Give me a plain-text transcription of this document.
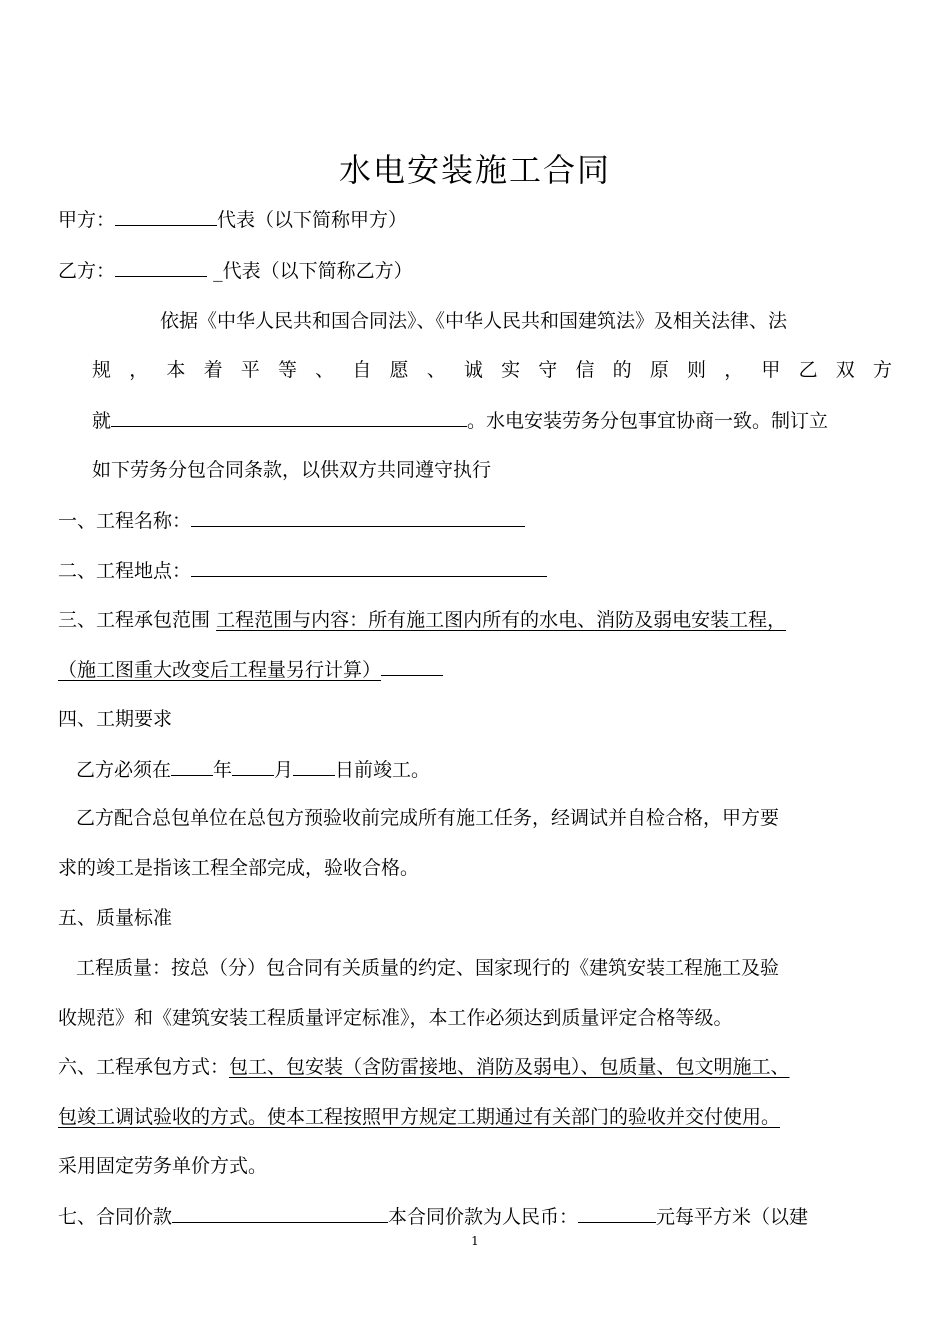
水电安装施工合同
甲方：	代表（以下简称甲方）
乙方：	_代表（以下简称乙方）
依据《中华人民共和国合同法》、《中华人民共和国建筑法》及相关法律、法
规 ， 本 着 平 等 、 自 愿 、 诚 实 守 信 的 原 则 ， 甲 乙 双 方
就	。水电安装劳务分包事宜协商一致。制订立
如下劳务分包合同条款，以供双方共同遵守执行
一、工程名称：
二、工程地点：
三、工程承包范围 工程范围与内容：所有施工图内所有的水电、消防及弱电安装工程，
（施工图重大改变后工程量另行计算）
四、工期要求
乙方必须在 年 月 日前竣工。
乙方配合总包单位在总包方预验收前完成所有施工任务，经调试并自检合格，甲方要
求的竣工是指该工程全部完成，验收合格。
五、质量标准
工程质量：按总（分）包合同有关质量的约定、国家现行的《建筑安装工程施工及验
收规范》和《建筑安装工程质量评定标准》，本工作必须达到质量评定合格等级。
六、工程承包方式：包工、包安装（含防雷接地、消防及弱电）、包质量、包文明施工、
包竣工调试验收的方式。使本工程按照甲方规定工期通过有关部门的验收并交付使用。
采用固定劳务单价方式。
七、合同价款	本合同价款为人民币：	元每平方米（以建
1
